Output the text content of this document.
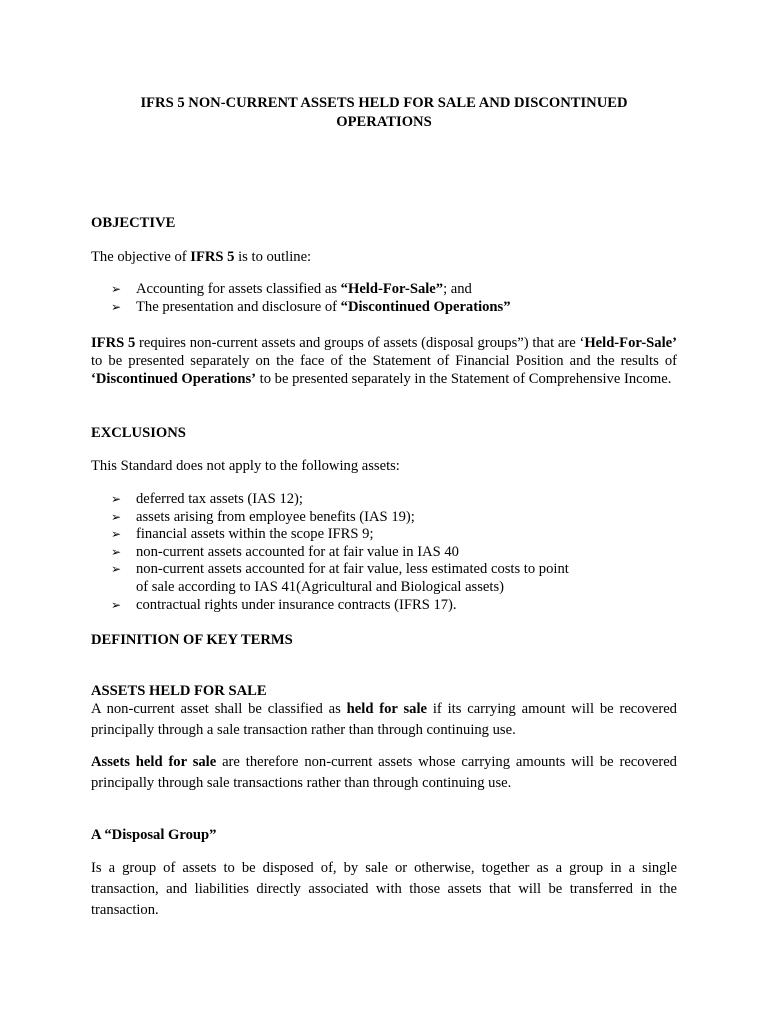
IFRS 5 NON-CURRENT ASSETS HELD FOR SALE AND DISCONTINUED
OPERATIONS
OBJECTIVE

The objective of IFRS 5 is to outline:

➢ Accounting for assets classified as “Held-For-Sale”; and
➢ The presentation and disclosure of “Discontinued Operations”

IFRS 5 requires non-current assets and groups of assets (disposal groups”) that are ‘Held-For-Sale’ to be presented separately on the face of the Statement of Financial Position and the results of ‘Discontinued Operations’ to be presented separately in the Statement of Comprehensive Income.

EXCLUSIONS

This Standard does not apply to the following assets:

➢ deferred tax assets (IAS 12);
➢ assets arising from employee benefits (IAS 19);
➢ financial assets within the scope IFRS 9;
➢ non-current assets accounted for at fair value in IAS 40
➢ non-current assets accounted for at fair value, less estimated costs to point
of sale according to IAS 41(Agricultural and Biological assets)
➢ contractual rights under insurance contracts (IFRS 17).
DEFINITION OF KEY TERMS
ASSETS HELD FOR SALE

A non-current asset shall be classified as held for sale if its carrying amount will be recovered principally through a sale transaction rather than through continuing use.

Assets held for sale are therefore non-current assets whose carrying amounts will be recovered principally through sale transactions rather than through continuing use.

A “Disposal Group”

Is a group of assets to be disposed of, by sale or otherwise, together as a group in a single transaction, and liabilities directly associated with those assets that will be transferred in the transaction.
